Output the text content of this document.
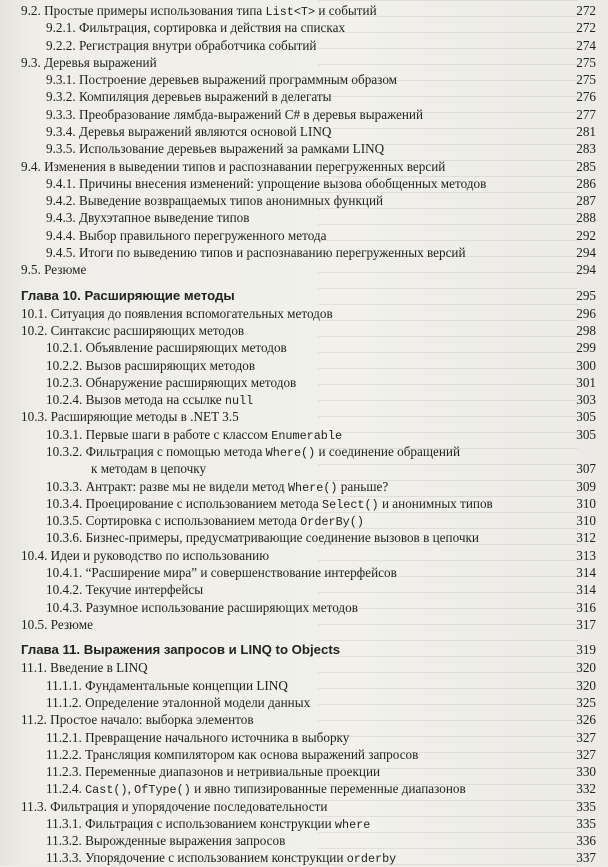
9.2. Простые примеры использования типа List<T> и событий	272
9.2.1. Фильтрация, сортировка и действия на списках	272
9.2.2. Регистрация внутри обработчика событий	274
9.3. Деревья выражений	275
9.3.1. Построение деревьев выражений программным образом	275
9.3.2. Компиляция деревьев выражений в делегаты	276
9.3.3. Преобразование лямбда-выражений C# в деревья выражений	277
9.3.4. Деревья выражений являются основой LINQ	281
9.3.5. Использование деревьев выражений за рамками LINQ	283
9.4. Изменения в выведении типов и распознавании перегруженных версий	285
9.4.1. Причины внесения изменений: упрощение вызова обобщенных методов	286
9.4.2. Выведение возвращаемых типов анонимных функций	287
9.4.3. Двухэтапное выведение типов	288
9.4.4. Выбор правильного перегруженного метода	292
9.4.5. Итоги по выведению типов и распознаванию перегруженных версий	294
9.5. Резюме	294
Глава 10. Расширяющие методы	295
10.1. Ситуация до появления вспомогательных методов	296
10.2. Синтаксис расширяющих методов	298
10.2.1. Объявление расширяющих методов	299
10.2.2. Вызов расширяющих методов	300
10.2.3. Обнаружение расширяющих методов	301
10.2.4. Вызов метода на ссылке null	303
10.3. Расширяющие методы в .NET 3.5	305
10.3.1. Первые шаги в работе с классом Enumerable	305
10.3.2. Фильтрация с помощью метода Where() и соединение обращений
к методам в цепочку	307
10.3.3. Антракт: разве мы не видели метод Where() раньше?	309
10.3.4. Проецирование с использованием метода Select() и анонимных типов	310
10.3.5. Сортировка с использованием метода OrderBy()	310
10.3.6. Бизнес-примеры, предусматривающие соединение вызовов в цепочки	312
10.4. Идеи и руководство по использованию	313
10.4.1. “Расширение мира” и совершенствование интерфейсов	314
10.4.2. Текучие интерфейсы	314
10.4.3. Разумное использование расширяющих методов	316
10.5. Резюме	317
Глава 11. Выражения запросов и LINQ to Objects	319
11.1. Введение в LINQ	320
11.1.1. Фундаментальные концепции LINQ	320
11.1.2. Определение эталонной модели данных	325
11.2. Простое начало: выборка элементов	326
11.2.1. Превращение начального источника в выборку	327
11.2.2. Трансляция компилятором как основа выражений запросов	327
11.2.3. Переменные диапазонов и нетривиальные проекции	330
11.2.4. Cast(), OfType() и явно типизированные переменные диапазонов	332
11.3. Фильтрация и упорядочение последовательности	335
11.3.1. Фильтрация с использованием конструкции where	335
11.3.2. Вырожденные выражения запросов	336
11.3.3. Упорядочение с использованием конструкции orderby	337
